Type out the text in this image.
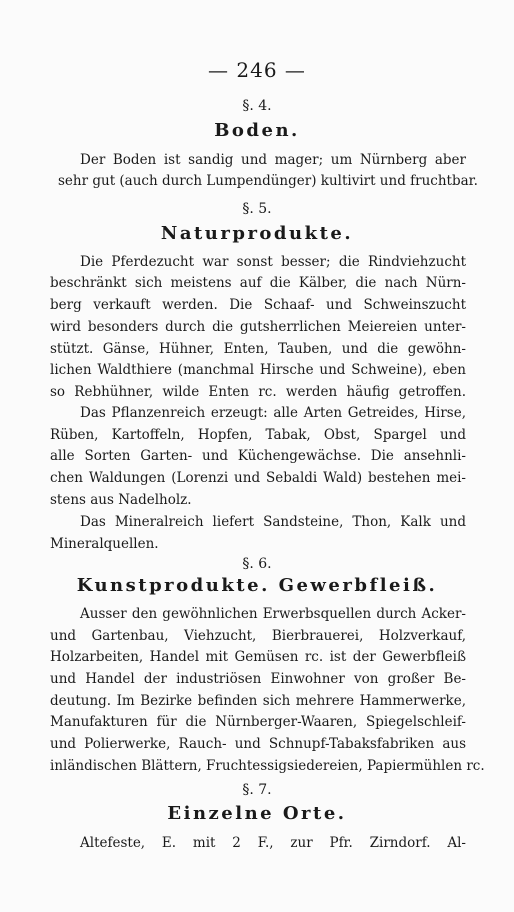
— 246 —
§. 4.
Boden.
Der Boden ist sandig und mager; um Nürnberg aber
sehr gut (auch durch Lumpendünger) kultivirt und fruchtbar.
§. 5.
Naturprodukte.
Die Pferdezucht war sonst besser; die Rindviehzucht
beschränkt sich meistens auf die Kälber, die nach Nürn-
berg verkauft werden. Die Schaaf- und Schweinszucht
wird besonders durch die gutsherrlichen Meiereien unter-
stützt. Gänse, Hühner, Enten, Tauben, und die gewöhn-
lichen Waldthiere (manchmal Hirsche und Schweine), eben
so Rebhühner, wilde Enten rc. werden häufig getroffen.
Das Pflanzenreich erzeugt: alle Arten Getreides, Hirse,
Rüben, Kartoffeln, Hopfen, Tabak, Obst, Spargel und
alle Sorten Garten- und Küchengewächse. Die ansehnli-
chen Waldungen (Lorenzi und Sebaldi Wald) bestehen mei-
stens aus Nadelholz.
Das Mineralreich liefert Sandsteine, Thon, Kalk und
Mineralquellen.
§. 6.
Kunstprodukte. Gewerbfleiß.
Ausser den gewöhnlichen Erwerbsquellen durch Acker-
und Gartenbau, Viehzucht, Bierbrauerei, Holzverkauf,
Holzarbeiten, Handel mit Gemüsen rc. ist der Gewerbfleiß
und Handel der industriösen Einwohner von großer Be-
deutung. Im Bezirke befinden sich mehrere Hammerwerke,
Manufakturen für die Nürnberger-Waaren, Spiegelschleif-
und Polierwerke, Rauch- und Schnupf-Tabaksfabriken aus
inländischen Blättern, Fruchtessigsiedereien, Papiermühlen rc.
§. 7.
Einzelne Orte.
Altefeste, E. mit 2 F., zur Pfr. Zirndorf. Al-
